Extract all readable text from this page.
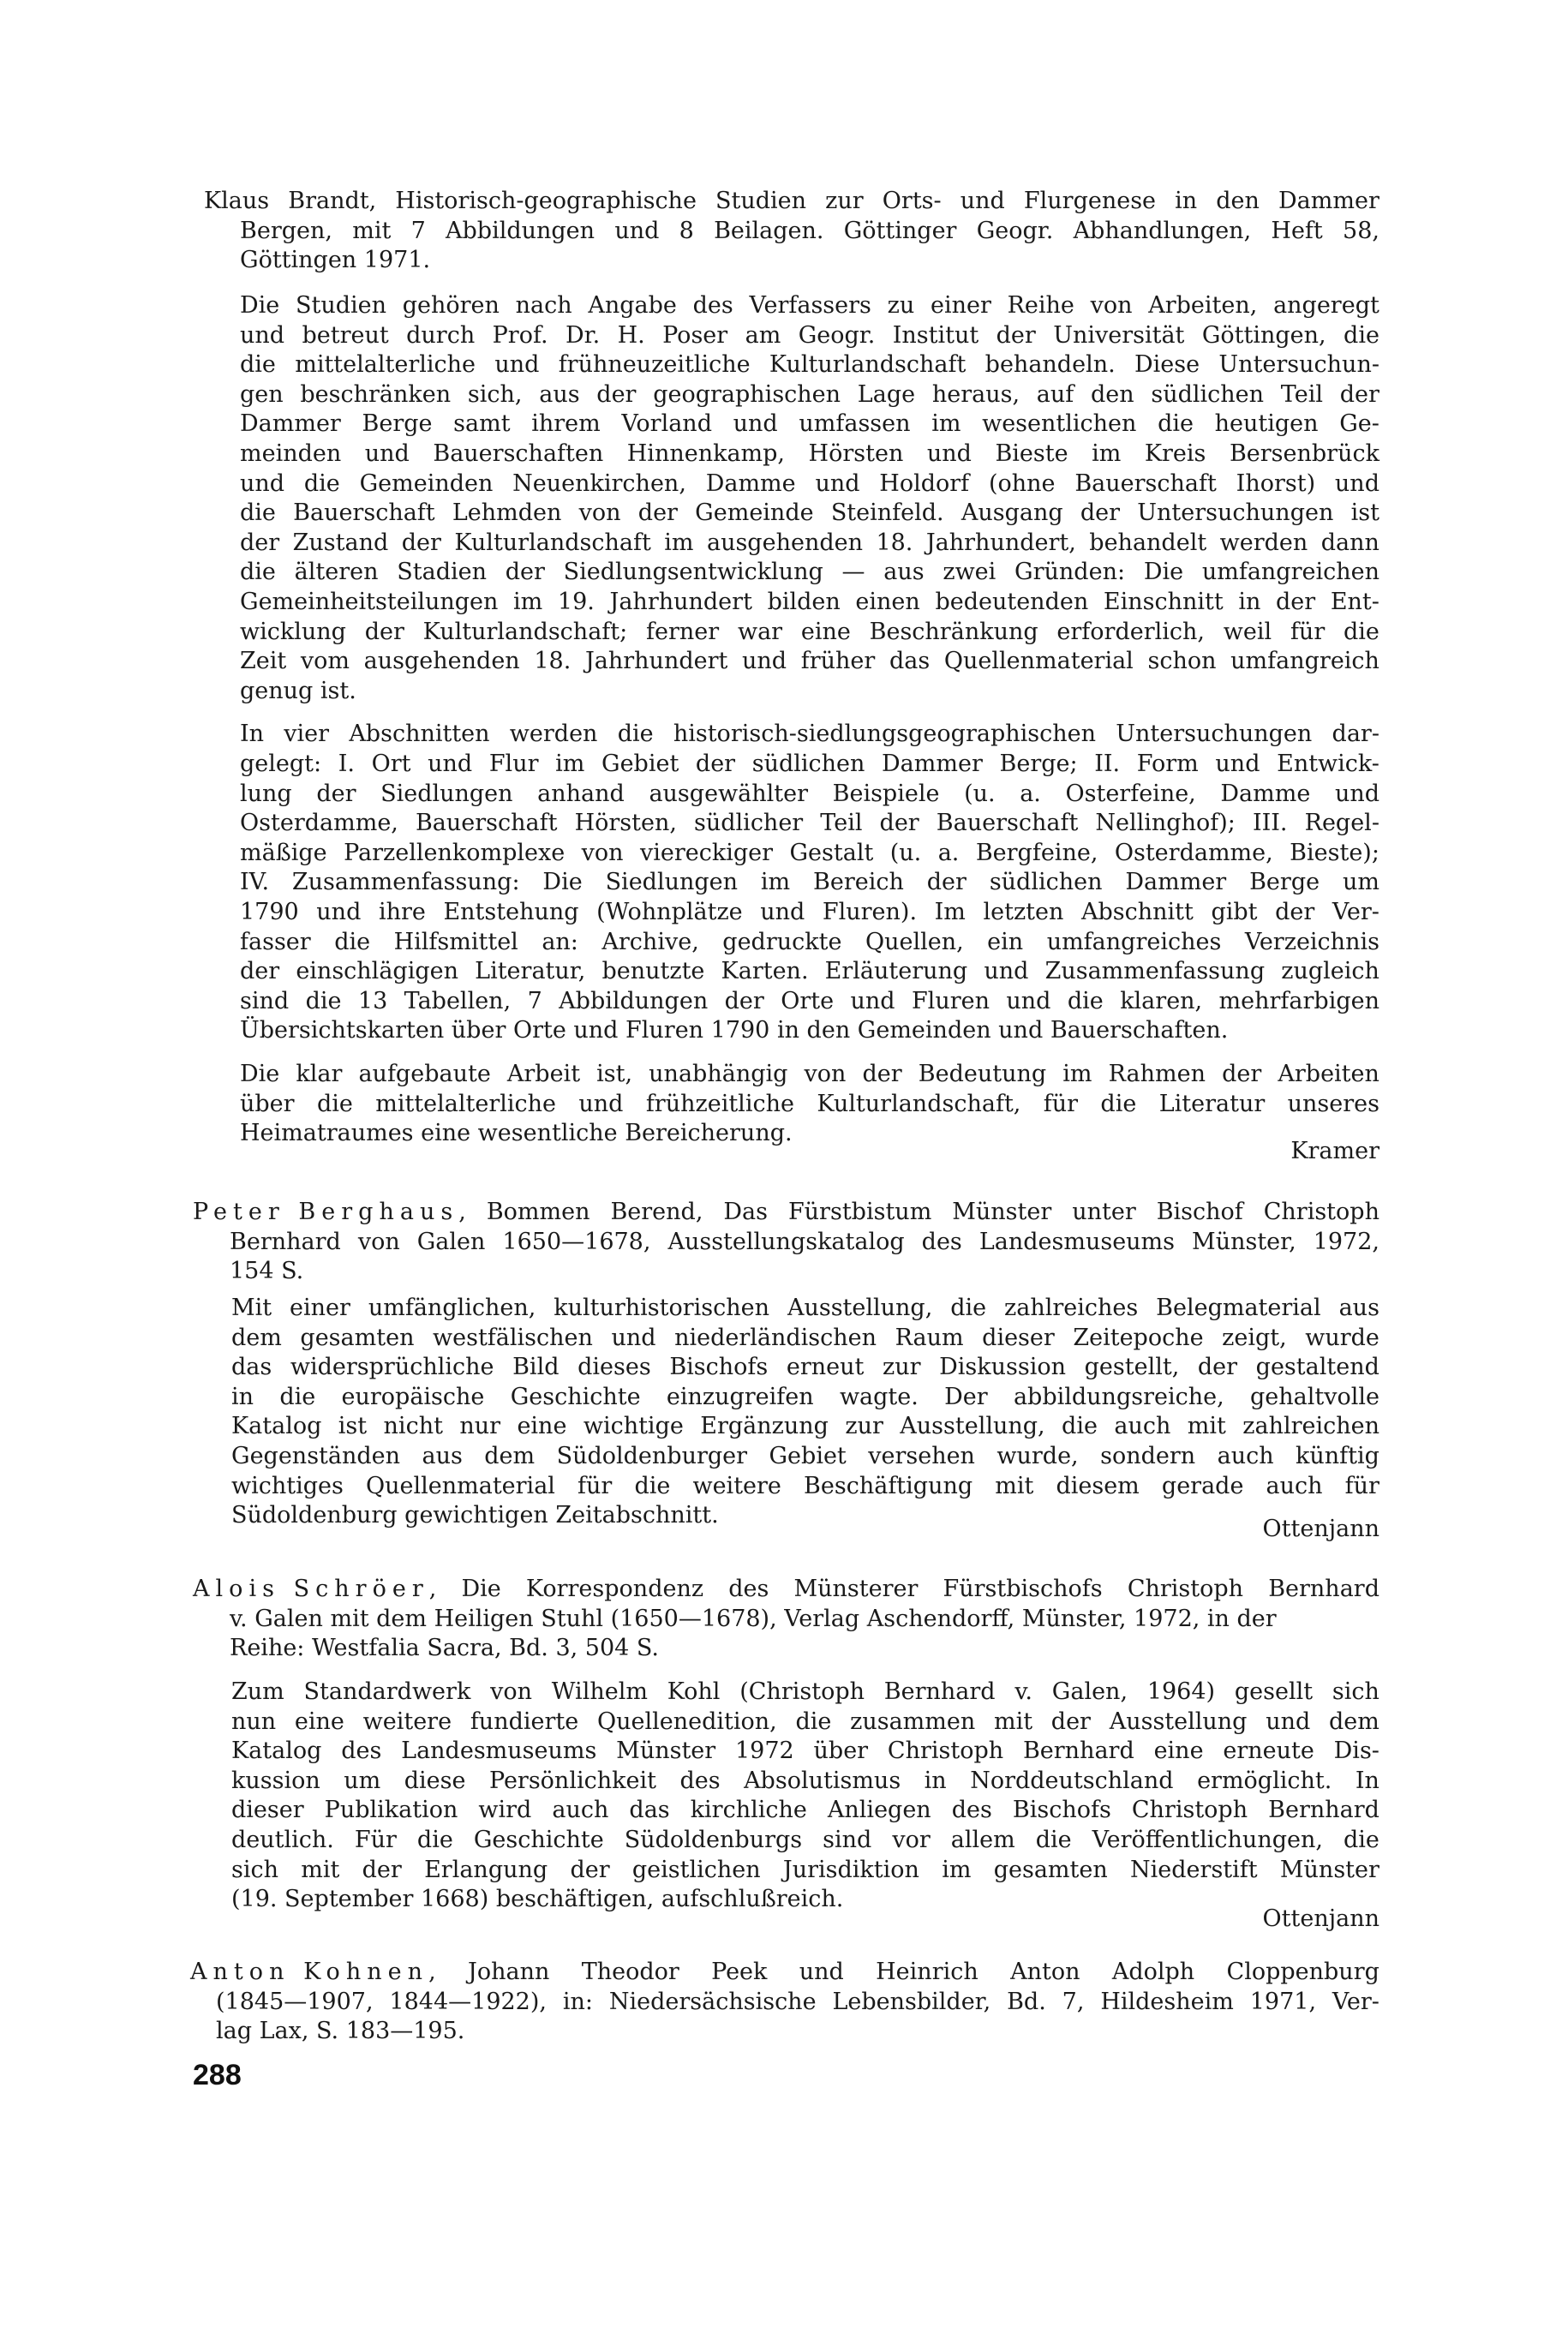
Klaus Brandt, Historisch-geographische Studien zur Orts- und Flurgenese in den Dammer
Bergen, mit 7 Abbildungen und 8 Beilagen. Göttinger Geogr. Abhandlungen, Heft 58,
Göttingen 1971.
Die Studien gehören nach Angabe des Verfassers zu einer Reihe von Arbeiten, angeregt
und betreut durch Prof. Dr. H. Poser am Geogr. Institut der Universität Göttingen, die
die mittelalterliche und frühneuzeitliche Kulturlandschaft behandeln. Diese Untersuchun-
gen beschränken sich, aus der geographischen Lage heraus, auf den südlichen Teil der
Dammer Berge samt ihrem Vorland und umfassen im wesentlichen die heutigen Ge-
meinden und Bauerschaften Hinnenkamp, Hörsten und Bieste im Kreis Bersenbrück
und die Gemeinden Neuenkirchen, Damme und Holdorf (ohne Bauerschaft Ihorst) und
die Bauerschaft Lehmden von der Gemeinde Steinfeld. Ausgang der Untersuchungen ist
der Zustand der Kulturlandschaft im ausgehenden 18. Jahrhundert, behandelt werden dann
die älteren Stadien der Siedlungsentwicklung — aus zwei Gründen: Die umfangreichen
Gemeinheitsteilungen im 19. Jahrhundert bilden einen bedeutenden Einschnitt in der Ent-
wicklung der Kulturlandschaft; ferner war eine Beschränkung erforderlich, weil für die
Zeit vom ausgehenden 18. Jahrhundert und früher das Quellenmaterial schon umfangreich
genug ist.
In vier Abschnitten werden die historisch-siedlungsgeographischen Untersuchungen dar-
gelegt: I. Ort und Flur im Gebiet der südlichen Dammer Berge; II. Form und Entwick-
lung der Siedlungen anhand ausgewählter Beispiele (u. a. Osterfeine, Damme und
Osterdamme, Bauerschaft Hörsten, südlicher Teil der Bauerschaft Nellinghof); III. Regel-
mäßige Parzellenkomplexe von viereckiger Gestalt (u. a. Bergfeine, Osterdamme, Bieste);
IV. Zusammenfassung: Die Siedlungen im Bereich der südlichen Dammer Berge um
1790 und ihre Entstehung (Wohnplätze und Fluren). Im letzten Abschnitt gibt der Ver-
fasser die Hilfsmittel an: Archive, gedruckte Quellen, ein umfangreiches Verzeichnis
der einschlägigen Literatur, benutzte Karten. Erläuterung und Zusammenfassung zugleich
sind die 13 Tabellen, 7 Abbildungen der Orte und Fluren und die klaren, mehrfarbigen
Übersichtskarten über Orte und Fluren 1790 in den Gemeinden und Bauerschaften.
Die klar aufgebaute Arbeit ist, unabhängig von der Bedeutung im Rahmen der Arbeiten
über die mittelalterliche und frühzeitliche Kulturlandschaft, für die Literatur unseres
Heimatraumes eine wesentliche Bereicherung.
Kramer
Peter Berghaus, Bommen Berend, Das Fürstbistum Münster unter Bischof Christoph
Bernhard von Galen 1650—1678, Ausstellungskatalog des Landesmuseums Münster, 1972,
154 S.
Mit einer umfänglichen, kulturhistorischen Ausstellung, die zahlreiches Belegmaterial aus
dem gesamten westfälischen und niederländischen Raum dieser Zeitepoche zeigt, wurde
das widersprüchliche Bild dieses Bischofs erneut zur Diskussion gestellt, der gestaltend
in die europäische Geschichte einzugreifen wagte. Der abbildungsreiche, gehaltvolle
Katalog ist nicht nur eine wichtige Ergänzung zur Ausstellung, die auch mit zahlreichen
Gegenständen aus dem Südoldenburger Gebiet versehen wurde, sondern auch künftig
wichtiges Quellenmaterial für die weitere Beschäftigung mit diesem gerade auch für
Südoldenburg gewichtigen Zeitabschnitt.
Ottenjann
Alois Schröer, Die Korrespondenz des Münsterer Fürstbischofs Christoph Bernhard
v. Galen mit dem Heiligen Stuhl (1650—1678), Verlag Aschendorff, Münster, 1972, in der
Reihe: Westfalia Sacra, Bd. 3, 504 S.
Zum Standardwerk von Wilhelm Kohl (Christoph Bernhard v. Galen, 1964) gesellt sich
nun eine weitere fundierte Quellenedition, die zusammen mit der Ausstellung und dem
Katalog des Landesmuseums Münster 1972 über Christoph Bernhard eine erneute Dis-
kussion um diese Persönlichkeit des Absolutismus in Norddeutschland ermöglicht. In
dieser Publikation wird auch das kirchliche Anliegen des Bischofs Christoph Bernhard
deutlich. Für die Geschichte Südoldenburgs sind vor allem die Veröffentlichungen, die
sich mit der Erlangung der geistlichen Jurisdiktion im gesamten Niederstift Münster
(19. September 1668) beschäftigen, aufschlußreich.
Ottenjann
Anton Kohnen, Johann Theodor Peek und Heinrich Anton Adolph Cloppenburg
(1845—1907, 1844—1922), in: Niedersächsische Lebensbilder, Bd. 7, Hildesheim 1971, Ver-
lag Lax, S. 183—195.
288
